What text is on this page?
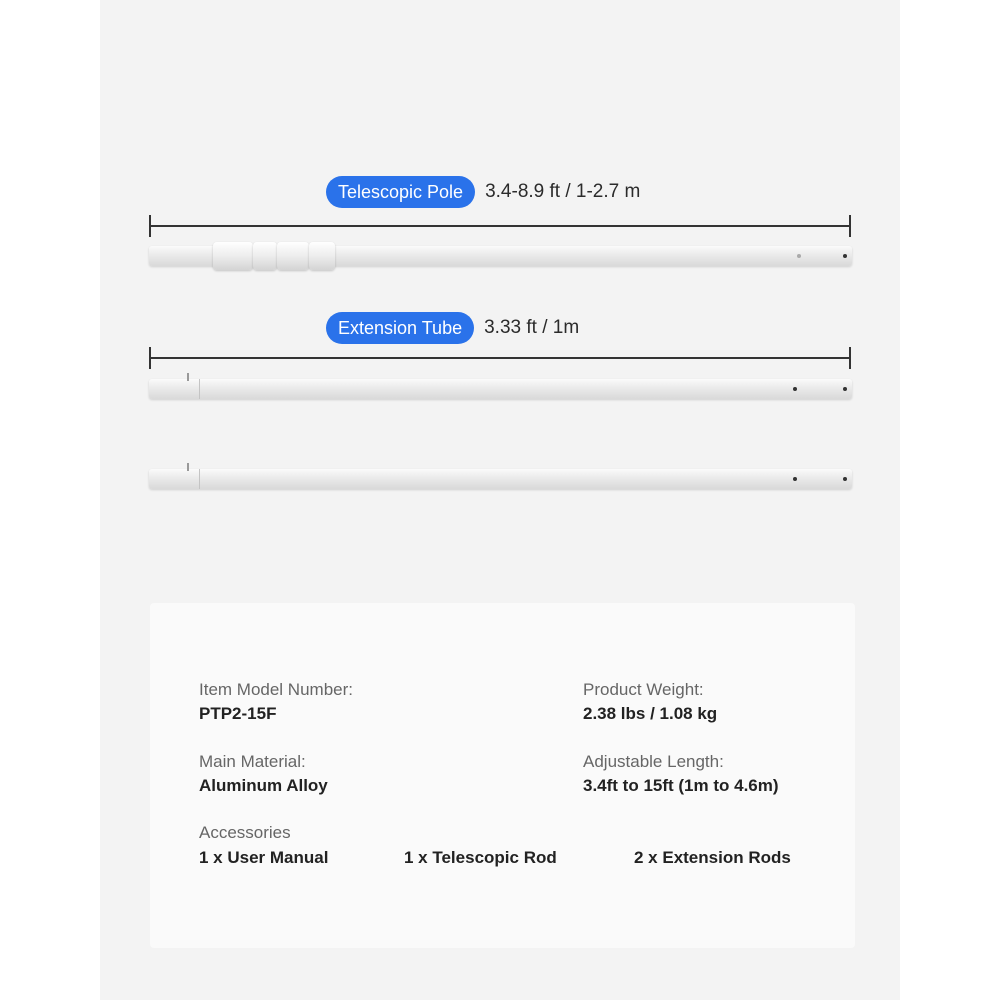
Telescopic Pole	3.4-8.9 ft / 1-2.7 m
Extension Tube	3.33 ft / 1m
Item Model Number:
PTP2-15F
Product Weight:
2.38 lbs / 1.08 kg
Main Material:
Aluminum Alloy
Adjustable Length:
3.4ft to 15ft (1m to 4.6m)
Accessories
1 x User Manual	1 x Telescopic Rod	2 x Extension Rods
